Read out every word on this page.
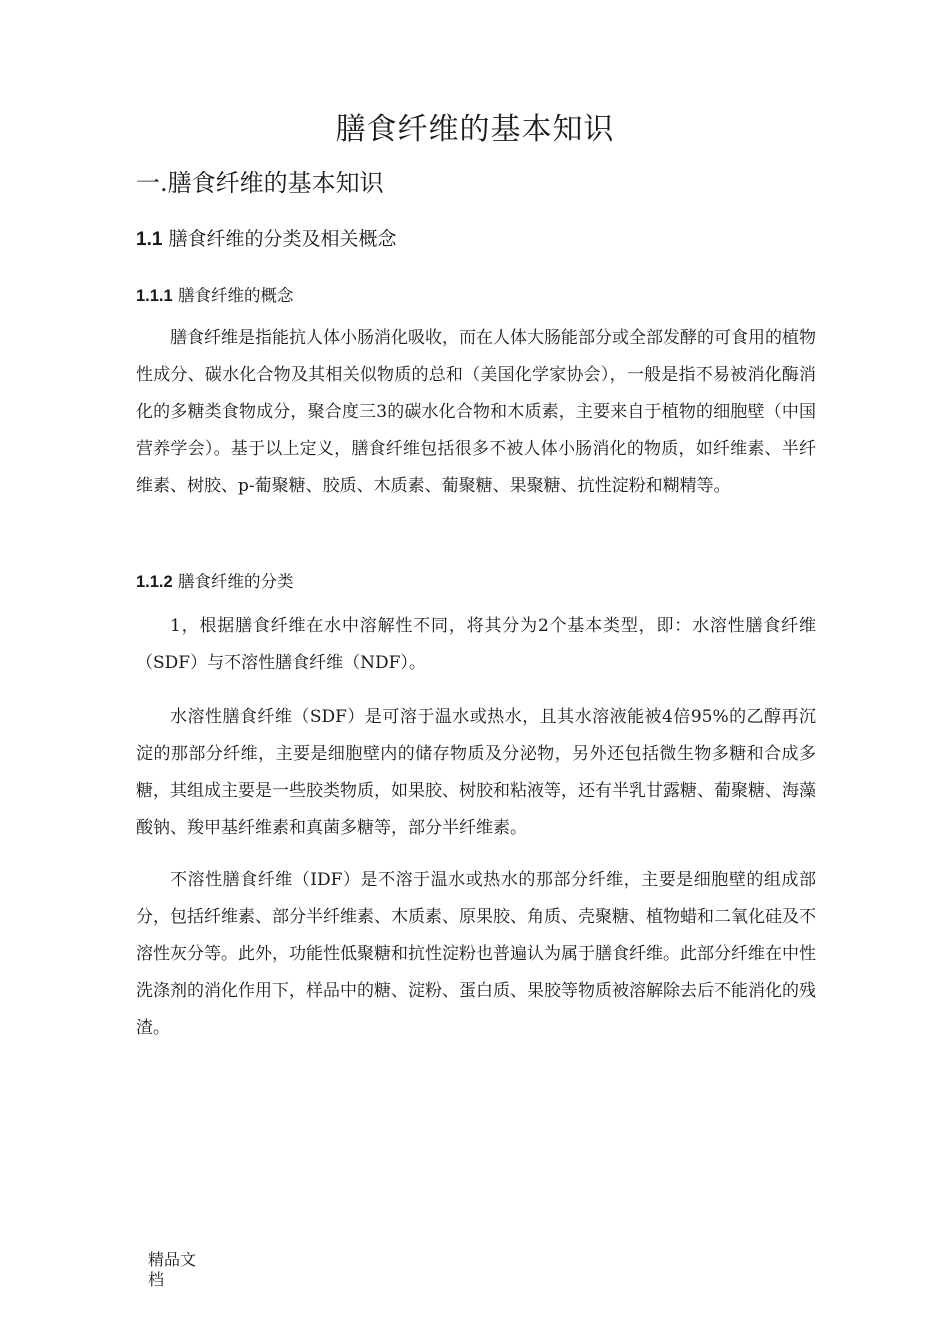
膳食纤维的基本知识
一.膳食纤维的基本知识
1.1 膳食纤维的分类及相关概念
1.1.1 膳食纤维的概念

膳食纤维是指能抗人体小肠消化吸收，而在人体大肠能部分或全部发酵的可食用的植物性成分、碳水化合物及其相关似物质的总和（美国化学家协会），一般是指不易被消化酶消化的多糖类食物成分，聚合度三3的碳水化合物和木质素，主要来自于植物的细胞壁（中国营养学会）。基于以上定义，膳食纤维包括很多不被人体小肠消化的物质，如纤维素、半纤维素、树胶、p-葡聚糖、胶质、木质素、葡聚糖、果聚糖、抗性淀粉和糊精等。

1.1.2 膳食纤维的分类

1，根据膳食纤维在水中溶解性不同，将其分为2个基本类型，即：水溶性膳食纤维（SDF）与不溶性膳食纤维（NDF）。

水溶性膳食纤维（SDF）是可溶于温水或热水，且其水溶液能被4倍95%的乙醇再沉淀的那部分纤维，主要是细胞壁内的储存物质及分泌物，另外还包括微生物多糖和合成多糖，其组成主要是一些胶类物质，如果胶、树胶和粘液等，还有半乳甘露糖、葡聚糖、海藻酸钠、羧甲基纤维素和真菌多糖等，部分半纤维素。

不溶性膳食纤维（IDF）是不溶于温水或热水的那部分纤维，主要是细胞壁的组成部分，包括纤维素、部分半纤维素、木质素、原果胶、角质、壳聚糖、植物蜡和二氧化硅及不溶性灰分等。此外，功能性低聚糖和抗性淀粉也普遍认为属于膳食纤维。此部分纤维在中性洗涤剂的消化作用下，样品中的糖、淀粉、蛋白质、果胶等物质被溶解除去后不能消化的残渣。

精品文档
